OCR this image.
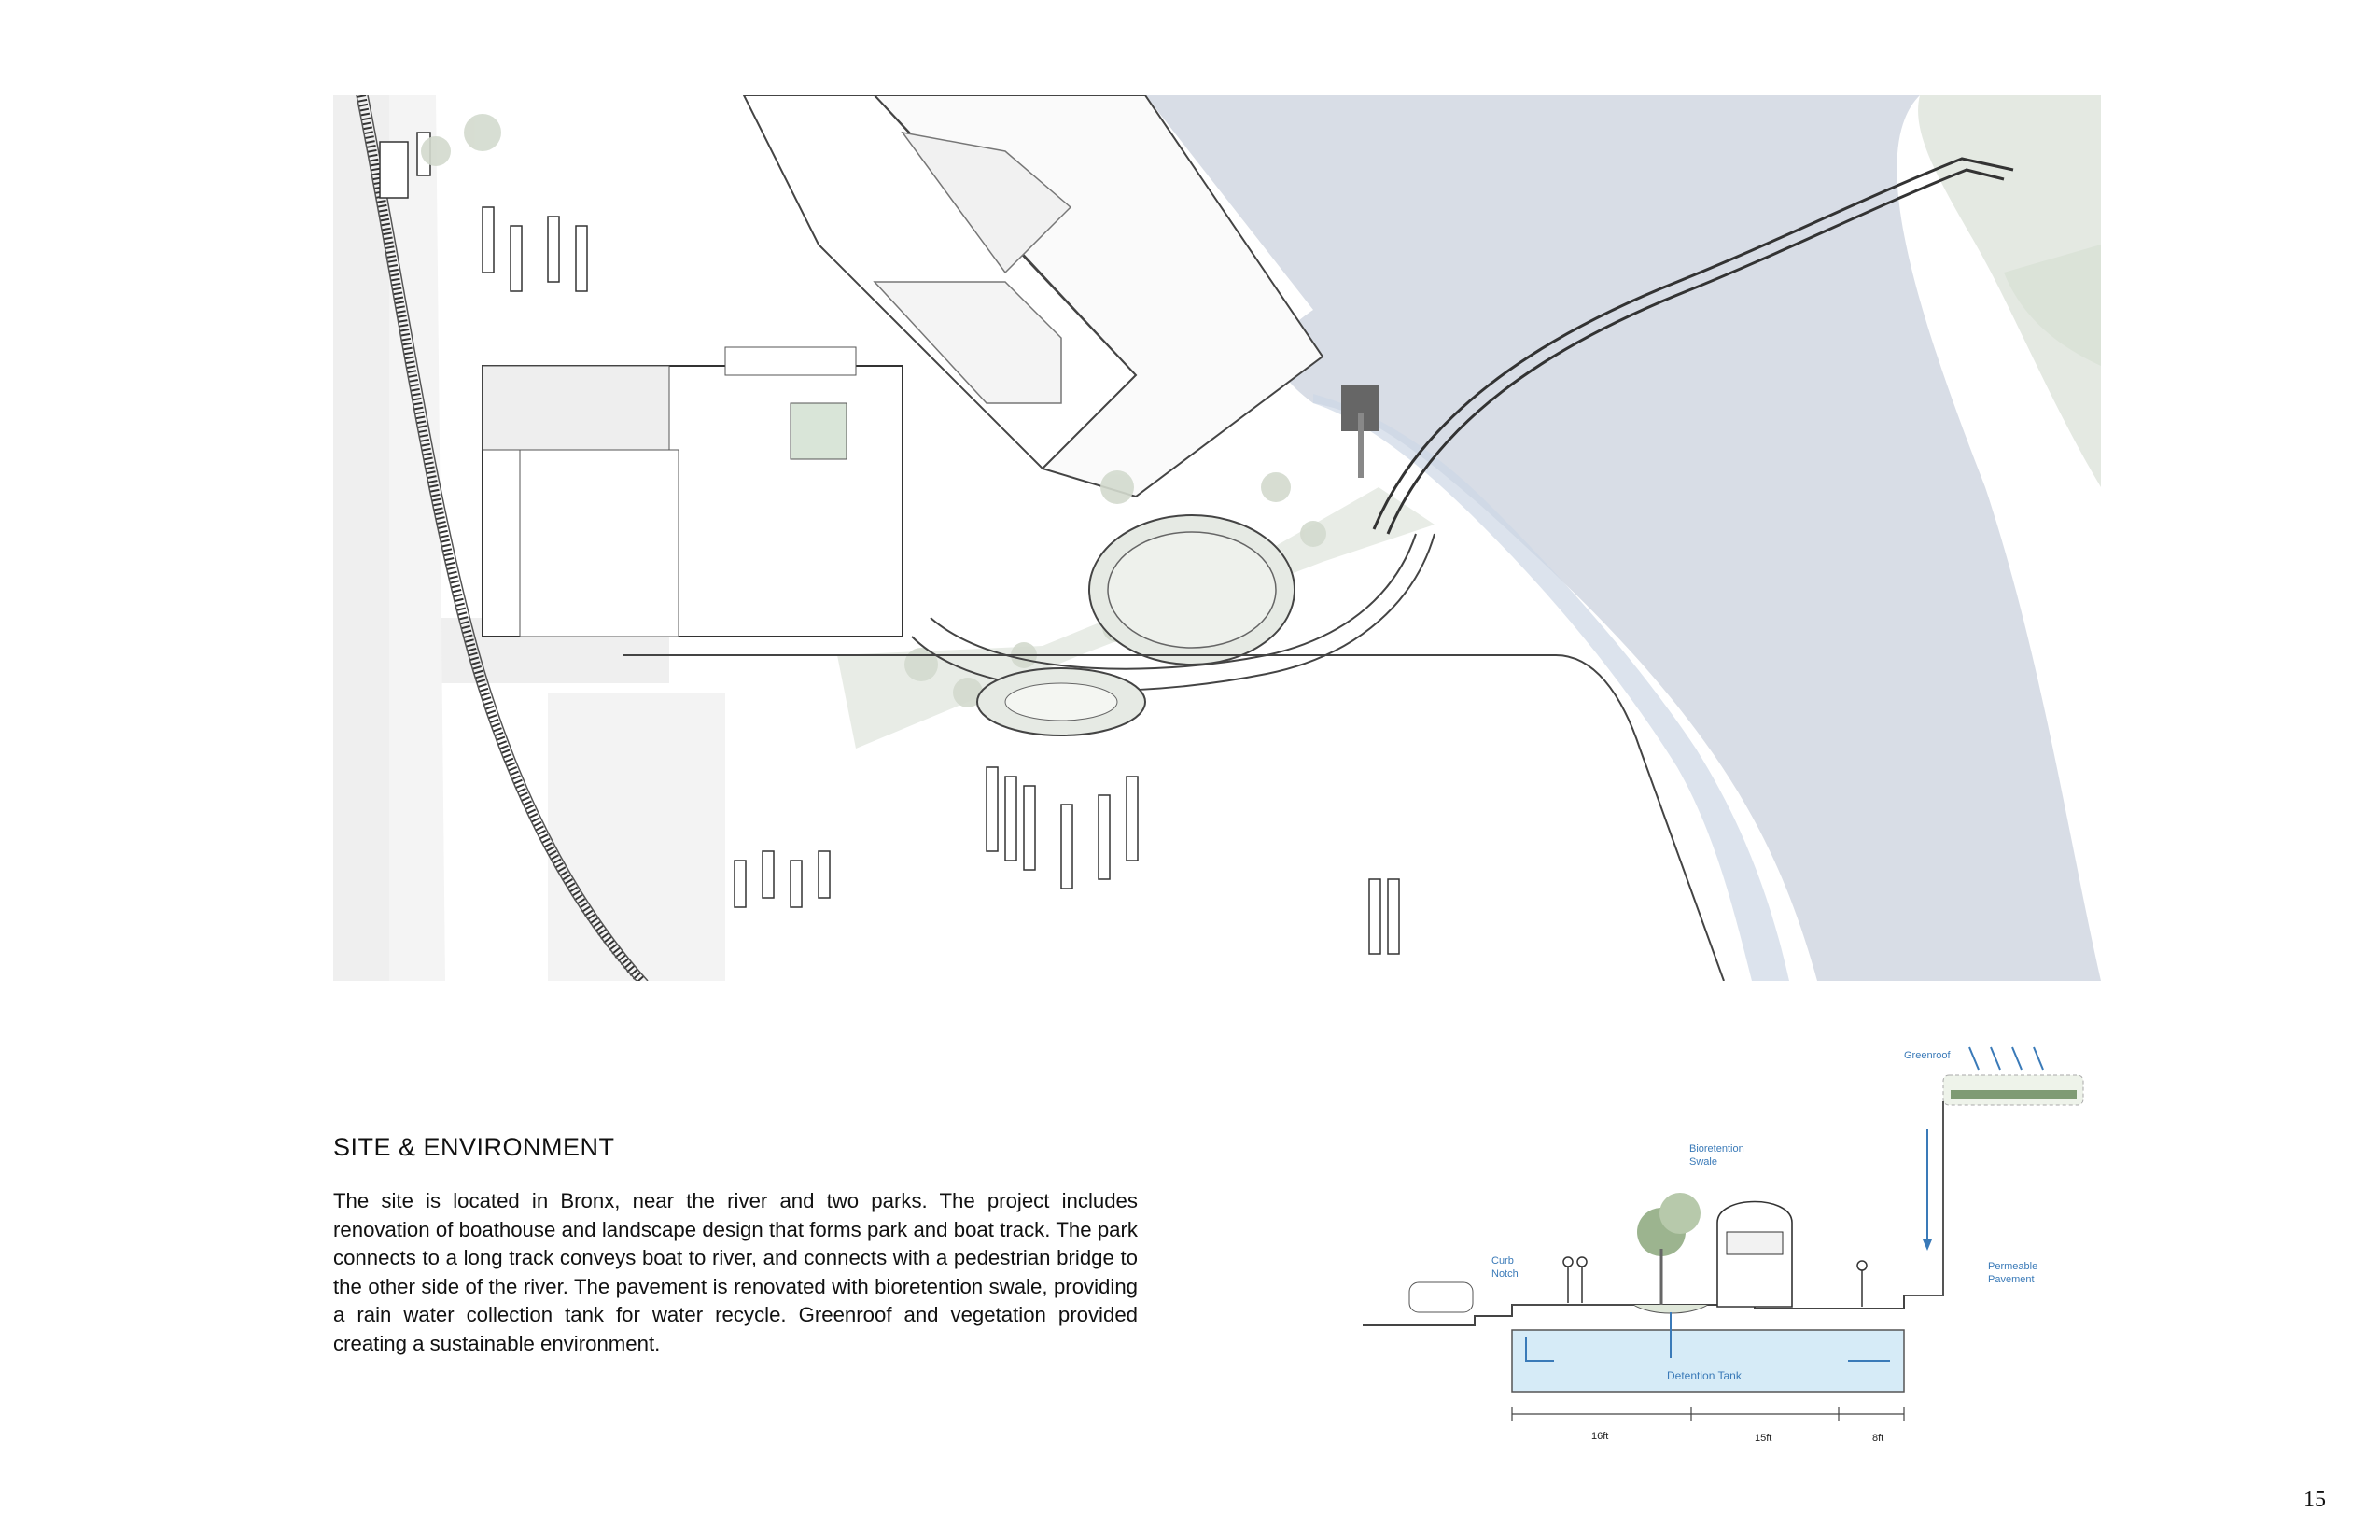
SITE & ENVIRONMENT

The site is located in Bronx, near the river and two parks. The project includes renovation of boathouse and landscape design that forms park and boat track. The park connects to a long track conveys boat to river, and connects with a pedestrian bridge to the other side of the river. The pavement is renovated with bioretention swale, providing a rain water collection tank for water recycle. Greenroof and vegetation provided creating a sustainable environment.

15
Greenroof
Bioretention
Swale
Curb
Notch
Permeable
Pavement
Detention Tank
16ft	15ft	8ft
